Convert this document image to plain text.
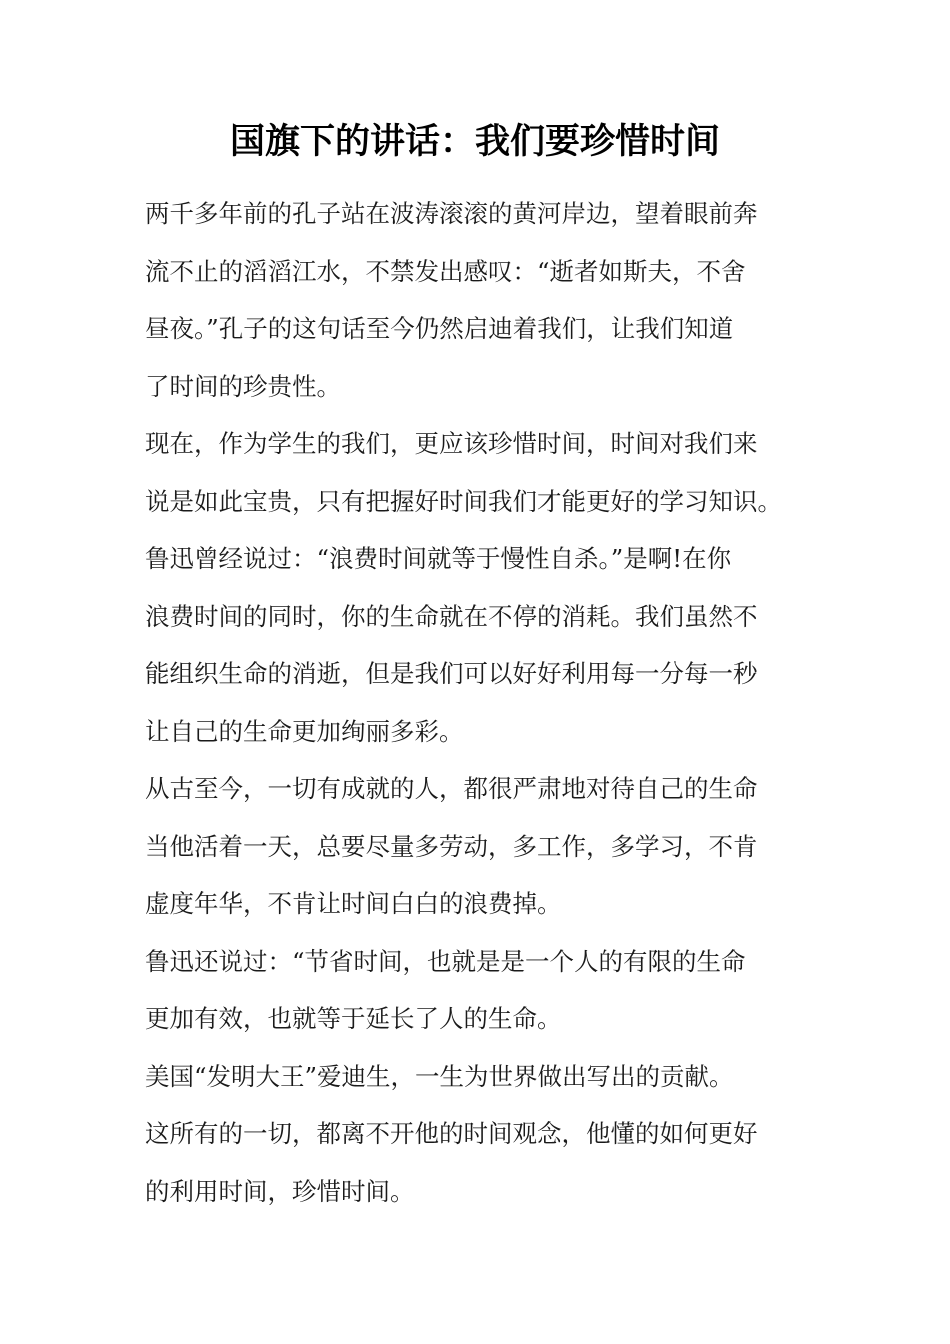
国旗下的讲话：我们要珍惜时间
两千多年前的孔子站在波涛滚滚的黄河岸边，望着眼前奔
流不止的滔滔江水，不禁发出感叹：“逝者如斯夫，不舍
昼夜。”孔子的这句话至今仍然启迪着我们，让我们知道
了时间的珍贵性。
现在，作为学生的我们，更应该珍惜时间，时间对我们来
说是如此宝贵，只有把握好时间我们才能更好的学习知识。
鲁迅曾经说过：“浪费时间就等于慢性自杀。”是啊!在你
浪费时间的同时，你的生命就在不停的消耗。我们虽然不
能组织生命的消逝，但是我们可以好好利用每一分每一秒
让自己的生命更加绚丽多彩。
从古至今，一切有成就的人，都很严肃地对待自己的生命
当他活着一天，总要尽量多劳动，多工作，多学习，不肯
虚度年华，不肯让时间白白的浪费掉。
鲁迅还说过：“节省时间，也就是是一个人的有限的生命
更加有效，也就等于延长了人的生命。
美国“发明大王”爱迪生，一生为世界做出写出的贡献。
这所有的一切，都离不开他的时间观念，他懂的如何更好
的利用时间，珍惜时间。
